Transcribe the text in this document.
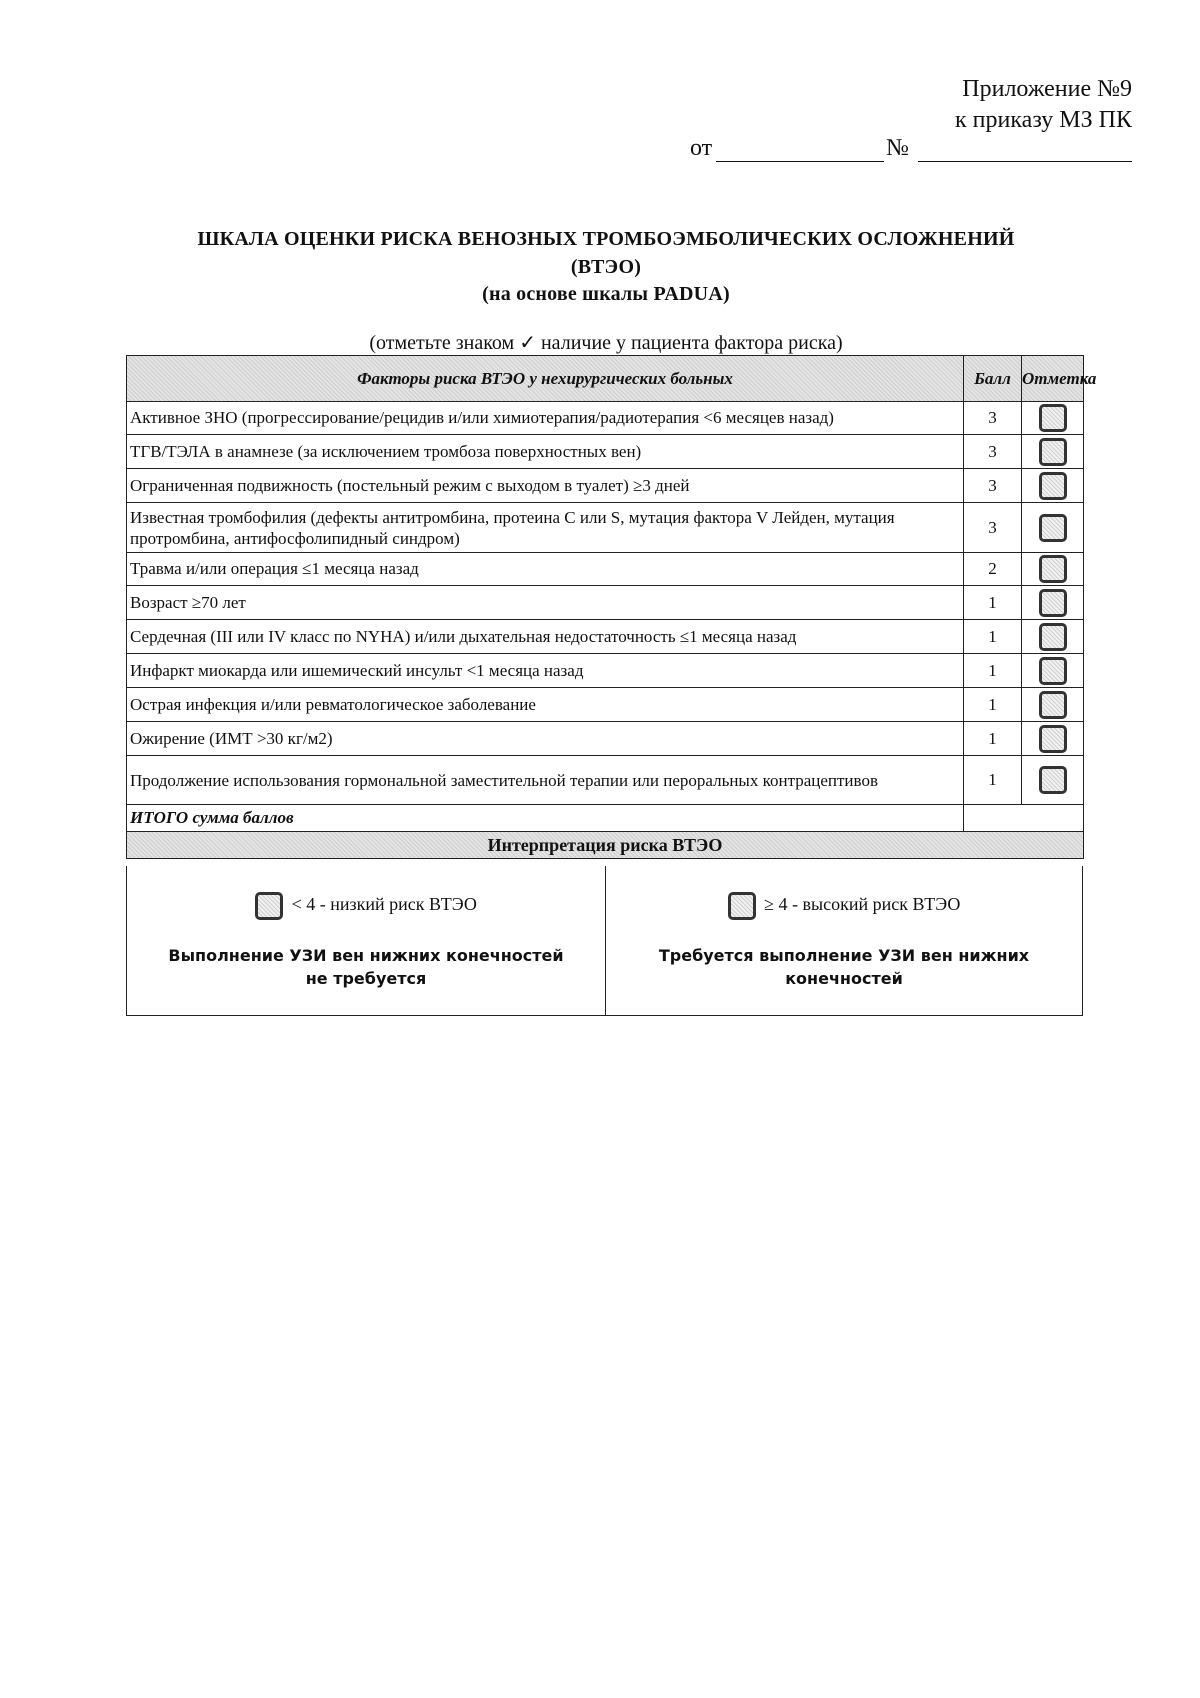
Приложение №9
к приказу МЗ ПК
от	№
ШКАЛА ОЦЕНКИ РИСКА ВЕНОЗНЫХ ТРОМБОЭМБОЛИЧЕСКИХ ОСЛОЖНЕНИЙ
(ВТЭО)
(на основе шкалы PADUA)
(отметьте знаком ✓ наличие у пациента фактора риска)
Факторы риска ВТЭО у нехирургических больных	Балл	Отметка
Активное ЗНО (прогрессирование/рецидив и/или химиотерапия/радиотерапия <6 месяцев назад)	3	
ТГВ/ТЭЛА в анамнезе (за исключением тромбоза поверхностных вен)	3	
Ограниченная подвижность (постельный режим с выходом в туалет) ≥3 дней	3	
Известная тромбофилия (дефекты антитромбина, протеина С или S, мутация фактора V Лейден, мутация протромбина, антифосфолипидный синдром)	3	
Травма и/или операция ≤1 месяца назад	2	
Возраст ≥70 лет	1	
Сердечная (III или IV класс по NYHA) и/или дыхательная недостаточность ≤1 месяца назад	1	
Инфаркт миокарда или ишемический инсульт <1 месяца назад	1	
Острая инфекция и/или ревматологическое заболевание	1	
Ожирение (ИМТ >30 кг/м2)	1	
Продолжение использования гормональной заместительной терапии или пероральных контрацептивов	1	
ИТОГО сумма баллов		
Интерпретация риска ВТЭО		
< 4 - низкий риск ВТЭО
Выполнение УЗИ вен нижних конечностей не требуется
≥ 4 - высокий риск ВТЭО
Требуется выполнение УЗИ вен нижних конечностей
